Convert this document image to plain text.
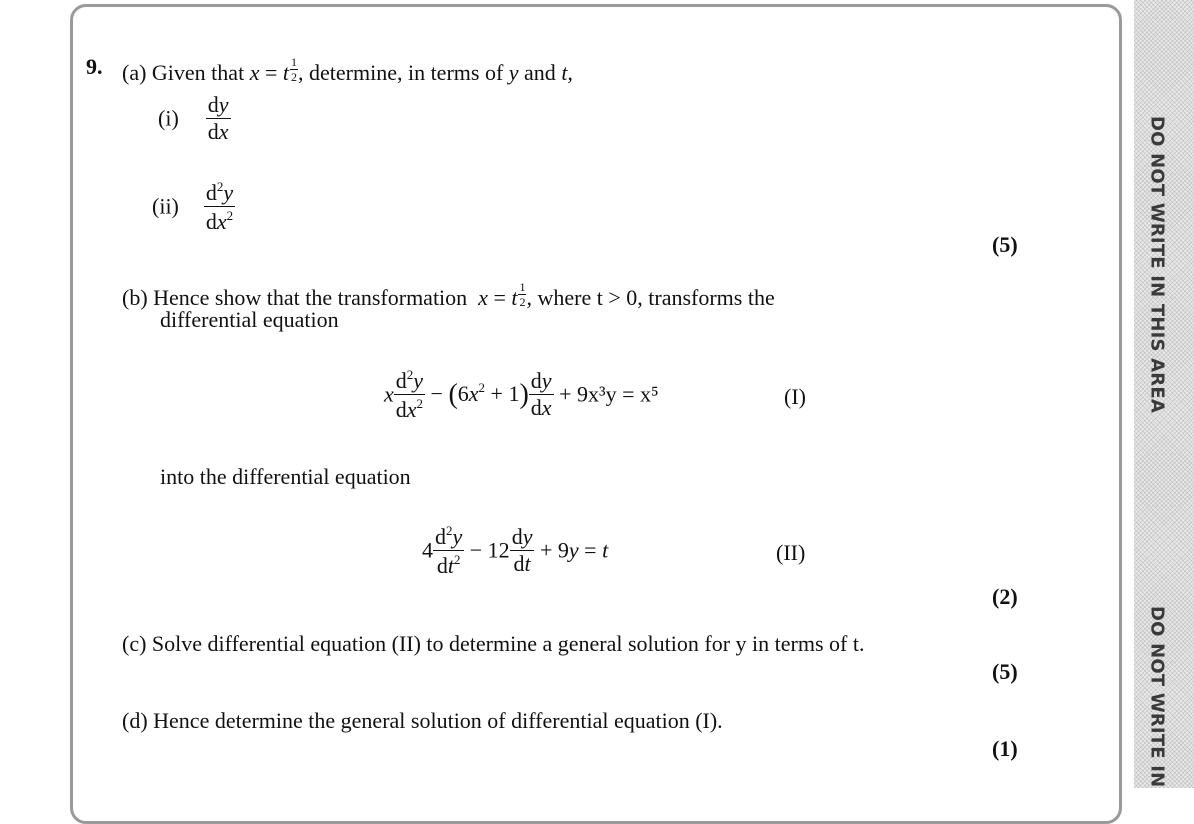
DO NOT WRITE IN THIS AREA
DO NOT WRITE IN
9. (a) Given that x = t $\frac{1}{2}$ , determine, in terms of y and t,
$(i) \frac{dy}{dx}$
$(ii) \frac{d^2y}{dx^2}$
(5)
(b) Hence show that the transformation x = t $\frac{1}{2}$ , where t > 0, transforms the
differential equation
x $\frac{d^2y}{dx^2} - (6x^2 + 1) \frac{dy}{dx} + 9x^3y = x^5$	(I)
into the differential equation
$4 \frac{d^2y}{dt^2} - 12 \frac{dy}{dt} + 9y = t$	(II)
(2)
(c) Solve differential equation (II) to determine a general solution for y in terms of t.
(5)
(d) Hence determine the general solution of differential equation (I).
(1)
